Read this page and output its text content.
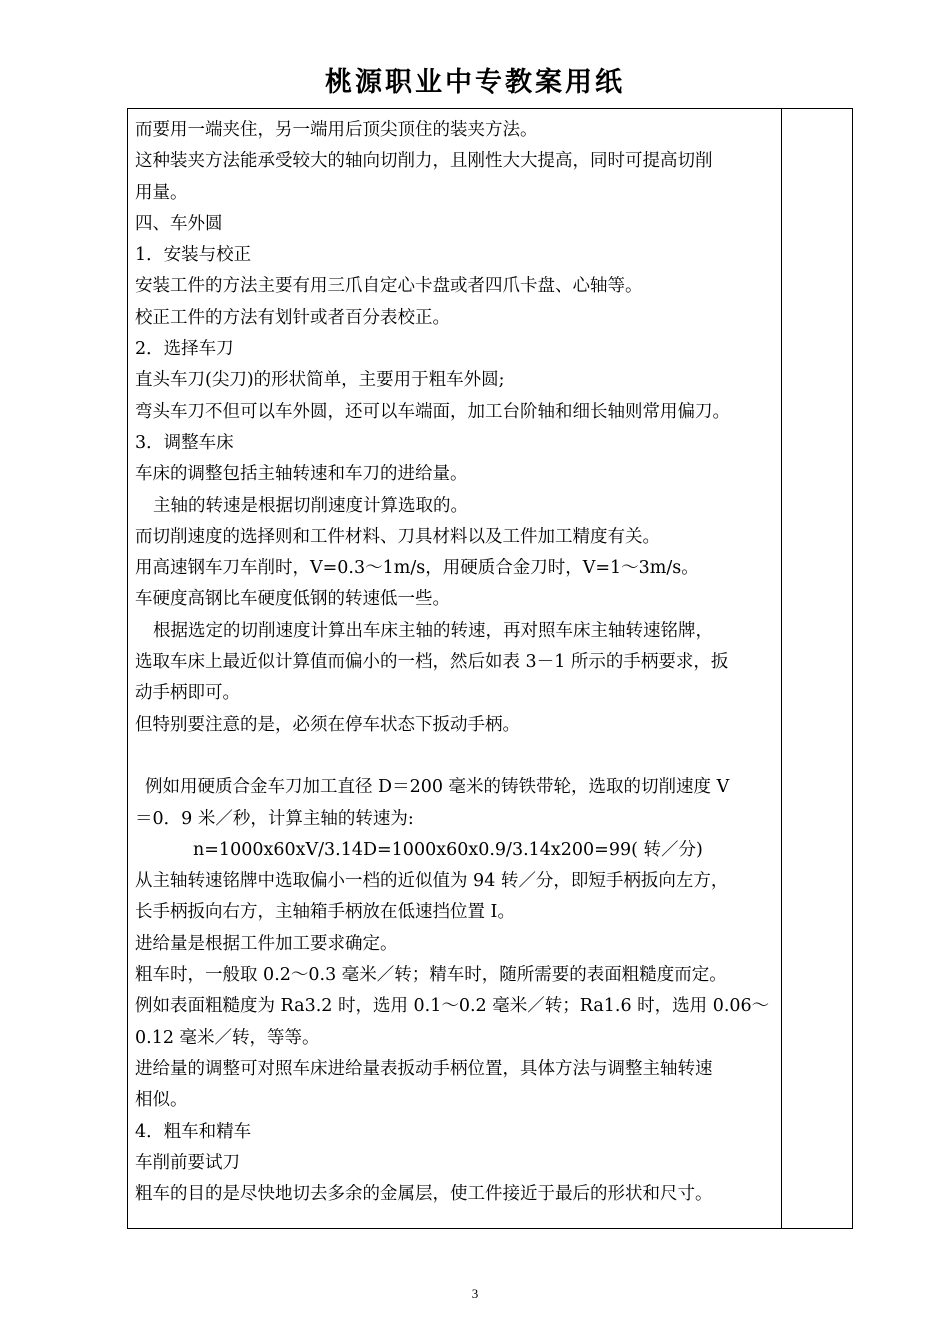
桃源职业中专教案用纸
而要用一端夹住，另一端用后顶尖顶住的装夹方法。
这种装夹方法能承受较大的轴向切削力，且刚性大大提高，同时可提高切削
用量。
四、车外圆
1．安装与校正
安装工件的方法主要有用三爪自定心卡盘或者四爪卡盘、心轴等。
校正工件的方法有划针或者百分表校正。
2．选择车刀
直头车刀(尖刀)的形状简单，主要用于粗车外圆;
弯头车刀不但可以车外圆，还可以车端面，加工台阶轴和细长轴则常用偏刀。
3．调整车床
车床的调整包括主轴转速和车刀的进给量。
主轴的转速是根据切削速度计算选取的。
而切削速度的选择则和工件材料、刀具材料以及工件加工精度有关。
用高速钢车刀车削时，V=0.3～1m/s，用硬质合金刀时，V=1～3m/s。
车硬度高钢比车硬度低钢的转速低一些。
根据选定的切削速度计算出车床主轴的转速，再对照车床主轴转速铭牌，
选取车床上最近似计算值而偏小的一档，然后如表 3－1 所示的手柄要求，扳
动手柄即可。
但特别要注意的是，必须在停车状态下扳动手柄。
例如用硬质合金车刀加工直径 D＝200 毫米的铸铁带轮，选取的切削速度 V
＝0．9 米／秒，计算主轴的转速为:
n=1000x60xV/3.14D=1000x60x0.9/3.14x200=99( 转／分)
从主轴转速铭牌中选取偏小一档的近似值为 94 转／分，即短手柄扳向左方，
长手柄扳向右方，主轴箱手柄放在低速挡位置 I。
进给量是根据工件加工要求确定。
粗车时，一般取 0.2～0.3 毫米／转；精车时，随所需要的表面粗糙度而定。
例如表面粗糙度为 Ra3.2 时，选用 0.1～0.2 毫米／转；Ra1.6 时，选用 0.06～
0.12 毫米／转，等等。
进给量的调整可对照车床进给量表扳动手柄位置，具体方法与调整主轴转速
相似。
4．粗车和精车
车削前要试刀
粗车的目的是尽快地切去多余的金属层，使工件接近于最后的形状和尺寸。
3
